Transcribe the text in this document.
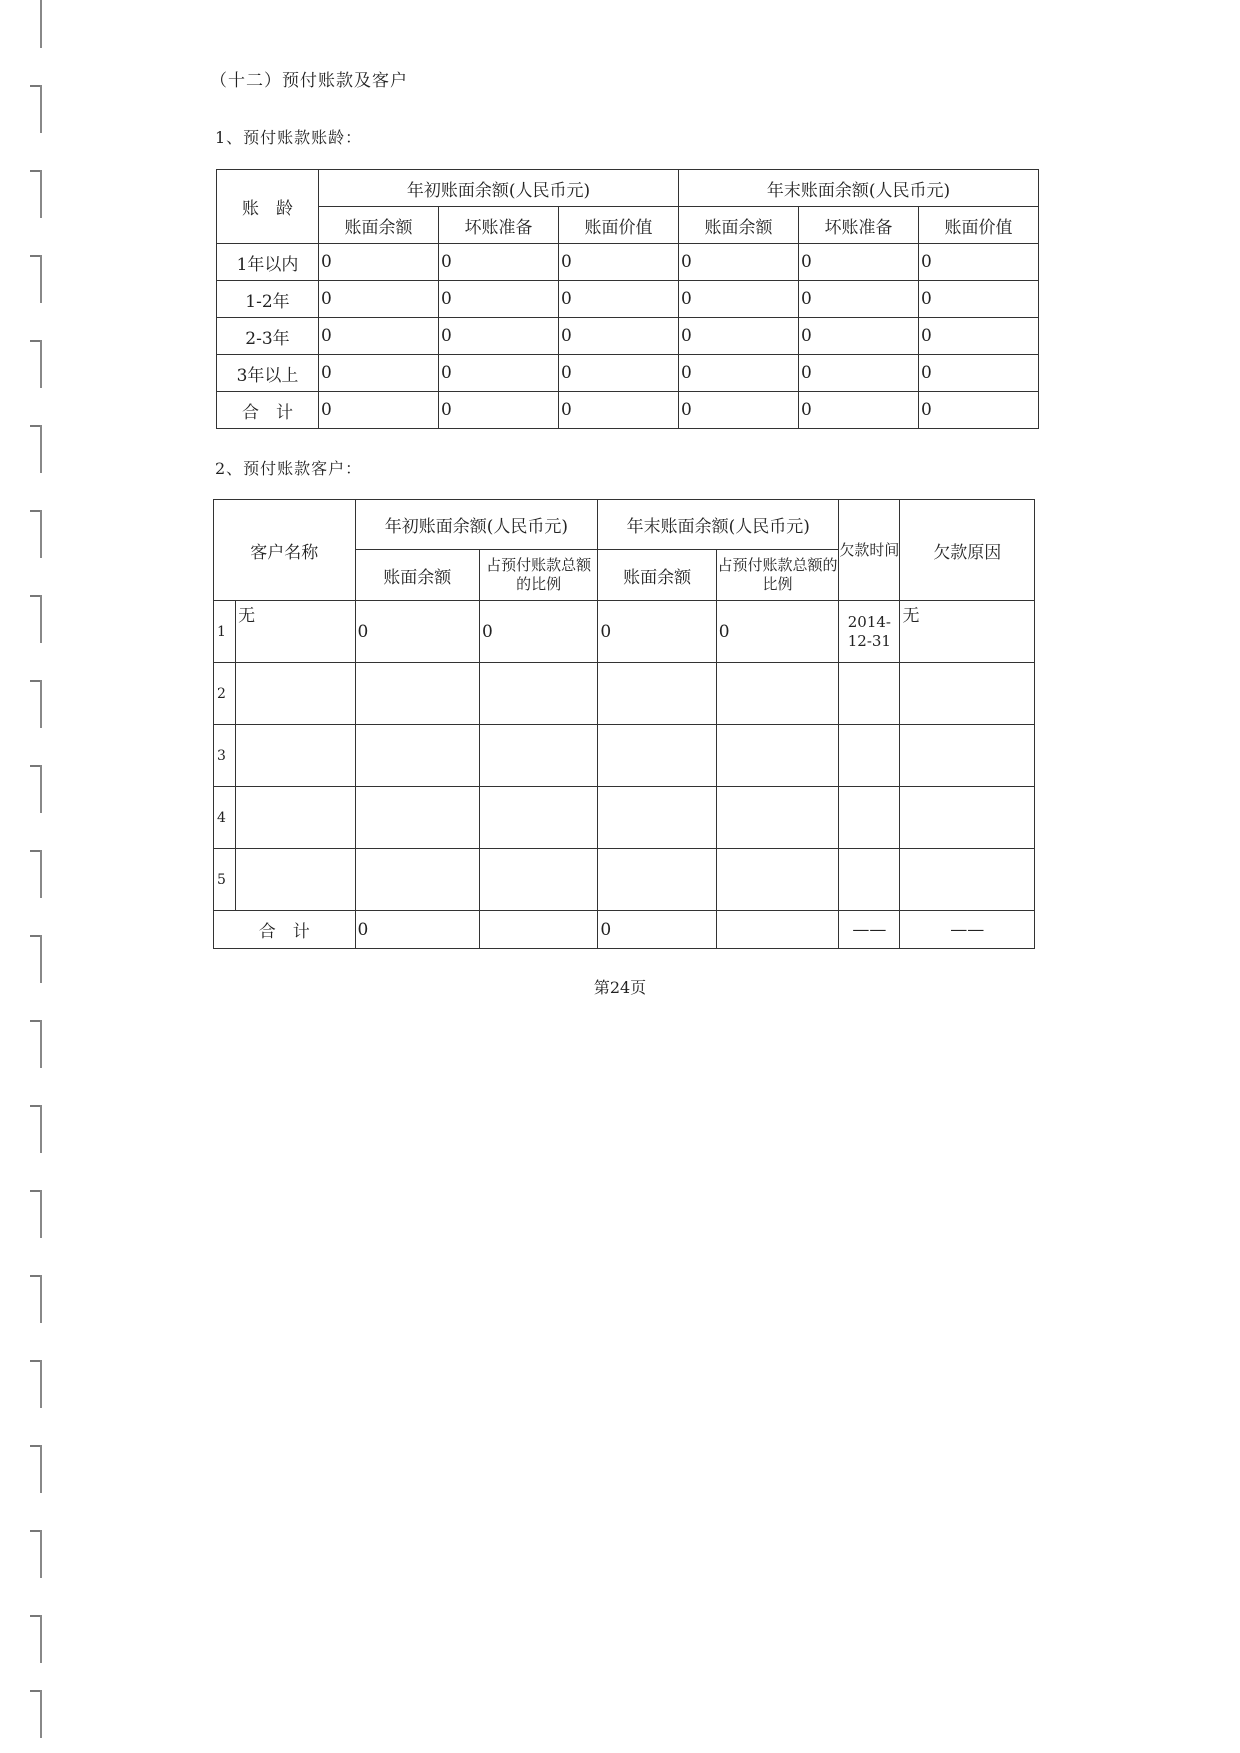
（十二）预付账款及客户
1、预付账款账龄：
账　龄	年初账面余额(人民币元)			年末账面余额(人民币元)		
	账面余额	坏账准备	账面价值	账面余额	坏账准备	账面价值
1年以内	0	0	0	0	0	0
1-2年	0	0	0	0	0	0
2-3年	0	0	0	0	0	0
3年以上	0	0	0	0	0	0
合　计	0	0	0	0	0	0
2、预付账款客户：
客户名称		年初账面余额(人民币元)		年末账面余额(人民币元)		欠款时间	欠款原因
		账面余额	占预付账款总额的比例	账面余额	占预付账款总额的比例		
1	无	0	0	0	0	2014-12-31	无
2							
3							
4							
5							
合　计		0		0		——	——
第24页
